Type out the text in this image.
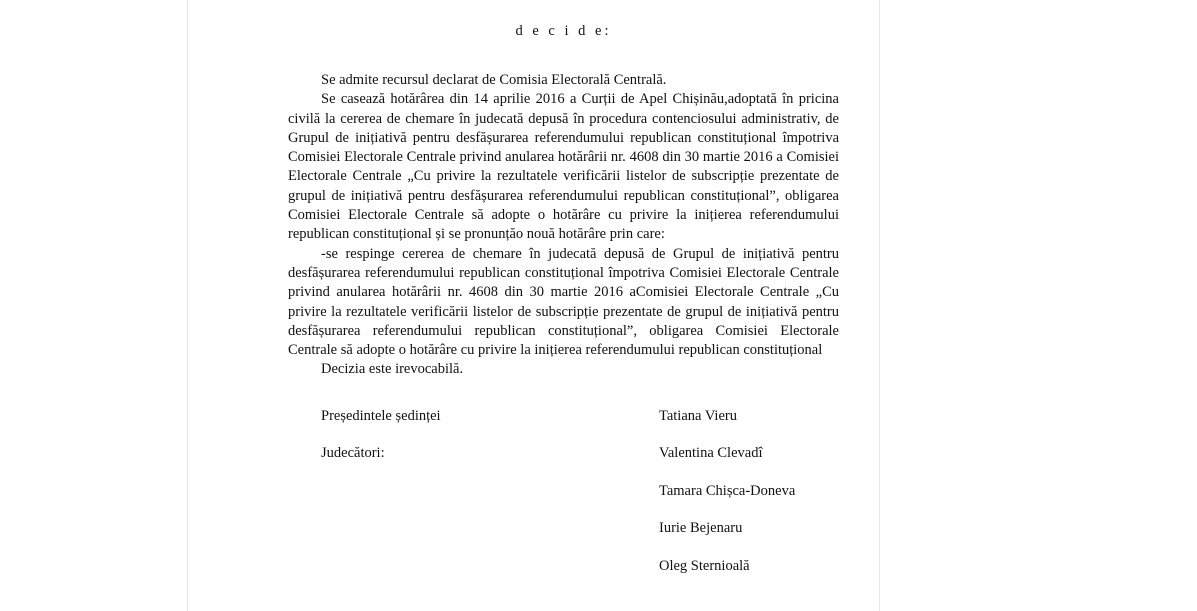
d e c i d e:

Se admite recursul declarat de Comisia Electorală Centrală.

Se casează hotărârea din 14 aprilie 2016 a Curții de Apel Chișinău,adoptată în pricina civilă la cererea de chemare în judecată depusă în procedura contenciosului administrativ, de Grupul de inițiativă pentru desfășurarea referendumului republican constituțional împotriva Comisiei Electorale Centrale privind anularea hotărârii nr. 4608 din 30 martie 2016 a Comisiei Electorale Centrale „Cu privire la rezultatele verificării listelor de subscripție prezentate de grupul de inițiativă pentru desfășurarea referendumului republican constituțional”, obligarea Comisiei Electorale Centrale să adopte o hotărâre cu privire la inițierea referendumului republican constituțional și se pronunțăo nouă hotărâre prin care:

-se respinge cererea de chemare în judecată depusă de Grupul de inițiativă pentru desfășurarea referendumului republican constituțional împotriva Comisiei Electorale Centrale privind anularea hotărârii nr. 4608 din 30 martie 2016 aComisiei Electorale Centrale „Cu privire la rezultatele verificării listelor de subscripție prezentate de grupul de inițiativă pentru desfășurarea referendumului republican constituțional”, obligarea Comisiei Electorale Centrale să adopte o hotărâre cu privire la inițierea referendumului republican constituțional

Decizia este irevocabilă.

Președintele ședinței	Tatiana Vieru
Judecători:	Valentina Clevadî
Tamara Chișca-Doneva
Iurie Bejenaru
Oleg Sternioală
